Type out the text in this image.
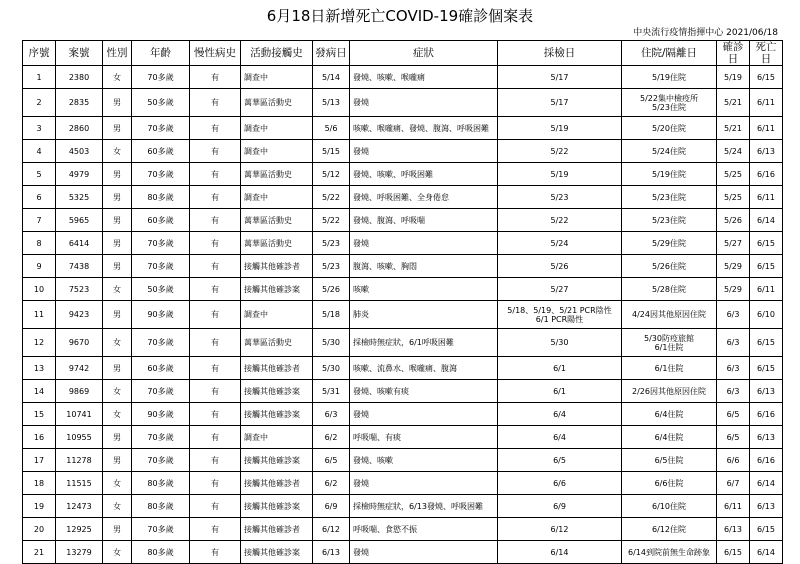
6月18日新增死亡COVID-19確診個案表
中央流行疫情指揮中心 2021/06/18
序號	案號	性別	年齡	慢性病史	活動接觸史	發病日	症狀	採檢日	住院/隔離日	確診日	死亡日
1	2380	女	70多歲	有	調查中	5/14	發燒、咳嗽、喉嚨痛	5/17	5/19住院	5/19	6/15
2	2835	男	50多歲	有	萬華區活動史	5/13	發燒	5/17	5/22集中檢疫所
5/23住院	5/21	6/11
3	2860	男	70多歲	有	調查中	5/6	咳嗽、喉嚨痛、發燒、腹瀉、呼吸困難	5/19	5/20住院	5/21	6/11
4	4503	女	60多歲	有	調查中	5/15	發燒	5/22	5/24住院	5/24	6/13
5	4979	男	70多歲	有	萬華區活動史	5/12	發燒、咳嗽、呼吸困難	5/19	5/19住院	5/25	6/16
6	5325	男	80多歲	有	調查中	5/22	發燒、呼吸困難、全身倦怠	5/23	5/23住院	5/25	6/11
7	5965	男	60多歲	有	萬華區活動史	5/22	發燒、腹瀉、呼吸喘	5/22	5/23住院	5/26	6/14
8	6414	男	70多歲	有	萬華區活動史	5/23	發燒	5/24	5/29住院	5/27	6/15
9	7438	男	70多歲	有	接觸其他確診者	5/23	腹瀉、咳嗽、胸悶	5/26	5/26住院	5/29	6/15
10	7523	女	50多歲	有	接觸其他確診案	5/26	咳嗽	5/27	5/28住院	5/29	6/11
11	9423	男	90多歲	有	調查中	5/18	肺炎	5/18、5/19、5/21 PCR陰性
6/1 PCR陽性	4/24因其他原因住院	6/3	6/10
12	9670	女	70多歲	有	萬華區活動史	5/30	採檢時無症狀，6/1呼吸困難	5/30	5/30防疫旅館
6/1住院	6/3	6/15
13	9742	男	60多歲	有	接觸其他確診者	5/30	咳嗽、流鼻水、喉嚨痛、腹瀉	6/1	6/1住院	6/3	6/15
14	9869	女	70多歲	有	接觸其他確診案	5/31	發燒、咳嗽有痰	6/1	2/26因其他原因住院	6/3	6/13
15	10741	女	90多歲	有	接觸其他確診案	6/3	發燒	6/4	6/4住院	6/5	6/16
16	10955	男	70多歲	有	調查中	6/2	呼吸喘、有痰	6/4	6/4住院	6/5	6/13
17	11278	男	70多歲	有	接觸其他確診案	6/5	發燒、咳嗽	6/5	6/5住院	6/6	6/16
18	11515	女	80多歲	有	接觸其他確診者	6/2	發燒	6/6	6/6住院	6/7	6/14
19	12473	女	80多歲	有	接觸其他確診案	6/9	採檢時無症狀，6/13發燒、呼吸困難	6/9	6/10住院	6/11	6/13
20	12925	男	70多歲	有	接觸其他確診者	6/12	呼吸喘、食慾不振	6/12	6/12住院	6/13	6/15
21	13279	女	80多歲	有	接觸其他確診案	6/13	發燒	6/14	6/14到院前無生命跡象	6/15	6/14
